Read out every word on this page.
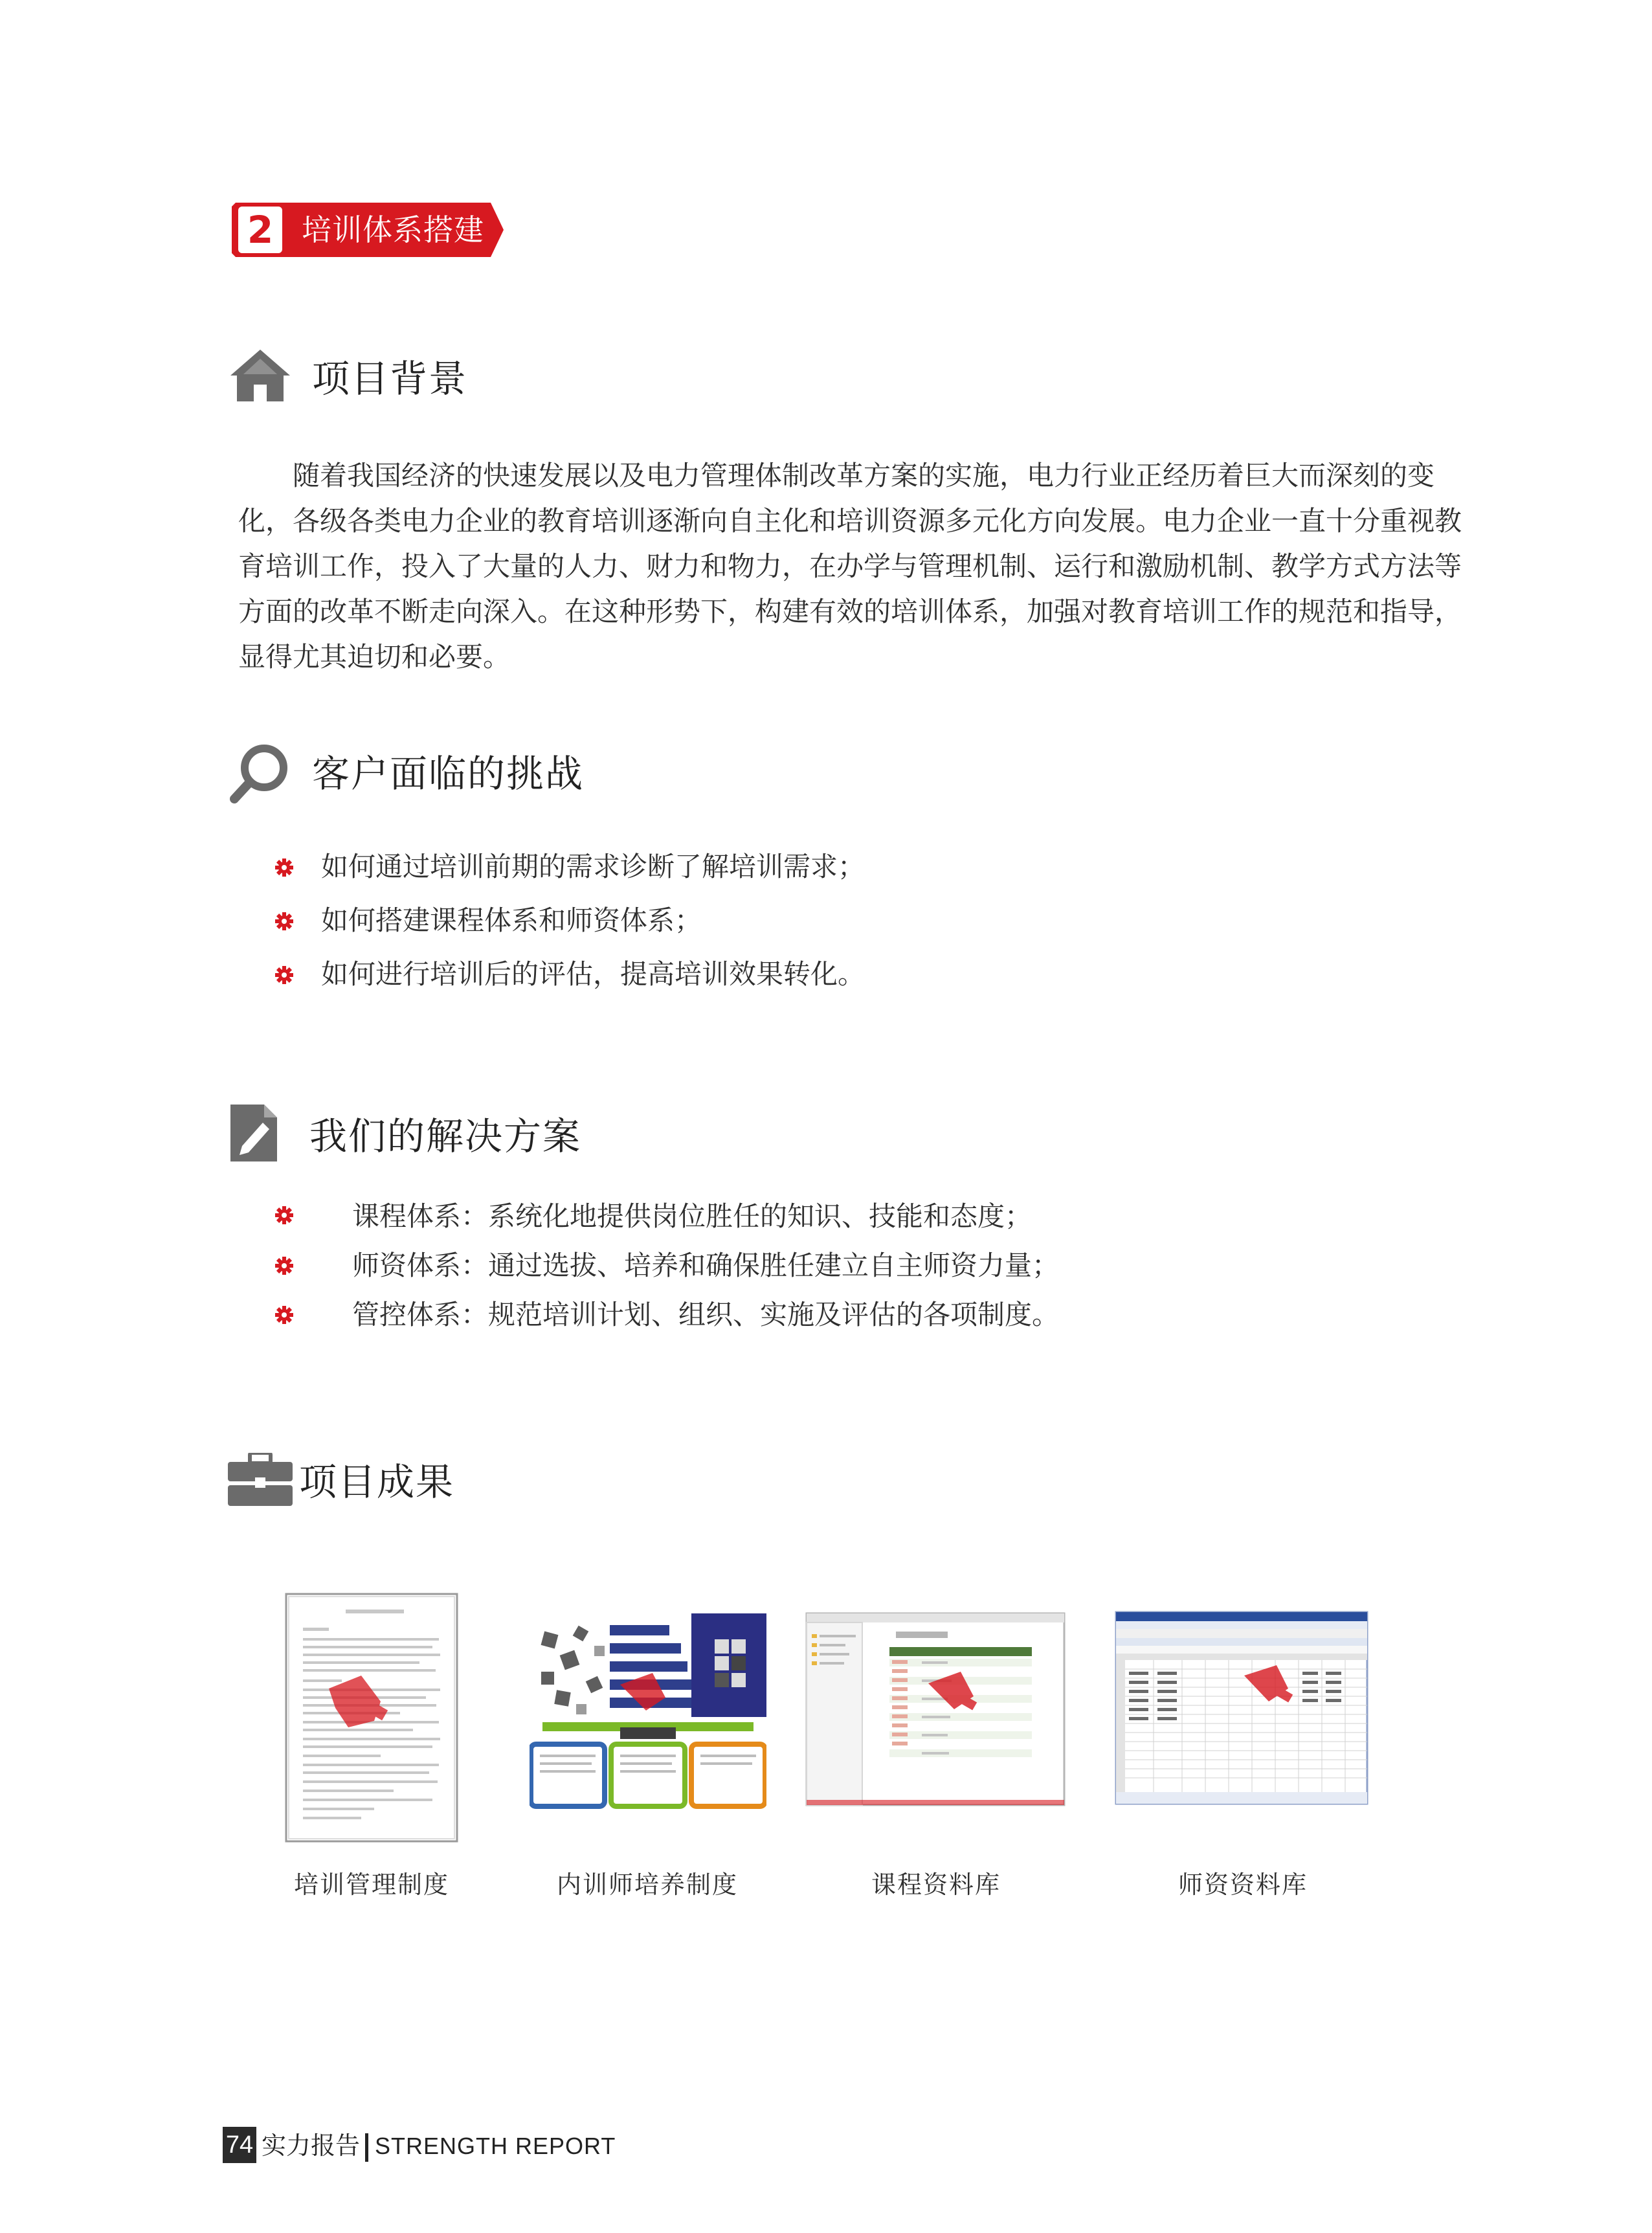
2 培训体系搭建
项目背景
随着我国经济的快速发展以及电力管理体制改革方案的实施，电力行业正经历着巨大而深刻的变
化，各级各类电力企业的教育培训逐渐向自主化和培训资源多元化方向发展。电力企业一直十分重视教
育培训工作，投入了大量的人力、财力和物力，在办学与管理机制、运行和激励机制、教学方式方法等
方面的改革不断走向深入。在这种形势下，构建有效的培训体系，加强对教育培训工作的规范和指导，
显得尤其迫切和必要。
客户面临的挑战
如何通过培训前期的需求诊断了解培训需求；
如何搭建课程体系和师资体系；
如何进行培训后的评估，提高培训效果转化。
我们的解决方案
课程体系：系统化地提供岗位胜任的知识、技能和态度；
师资体系：通过选拔、培养和确保胜任建立自主师资力量；
管控体系：规范培训计划、组织、实施及评估的各项制度。
项目成果
培训管理制度	内训师培养制度	课程资料库	师资资料库
74 实力报告 STRENGTH REPORT
